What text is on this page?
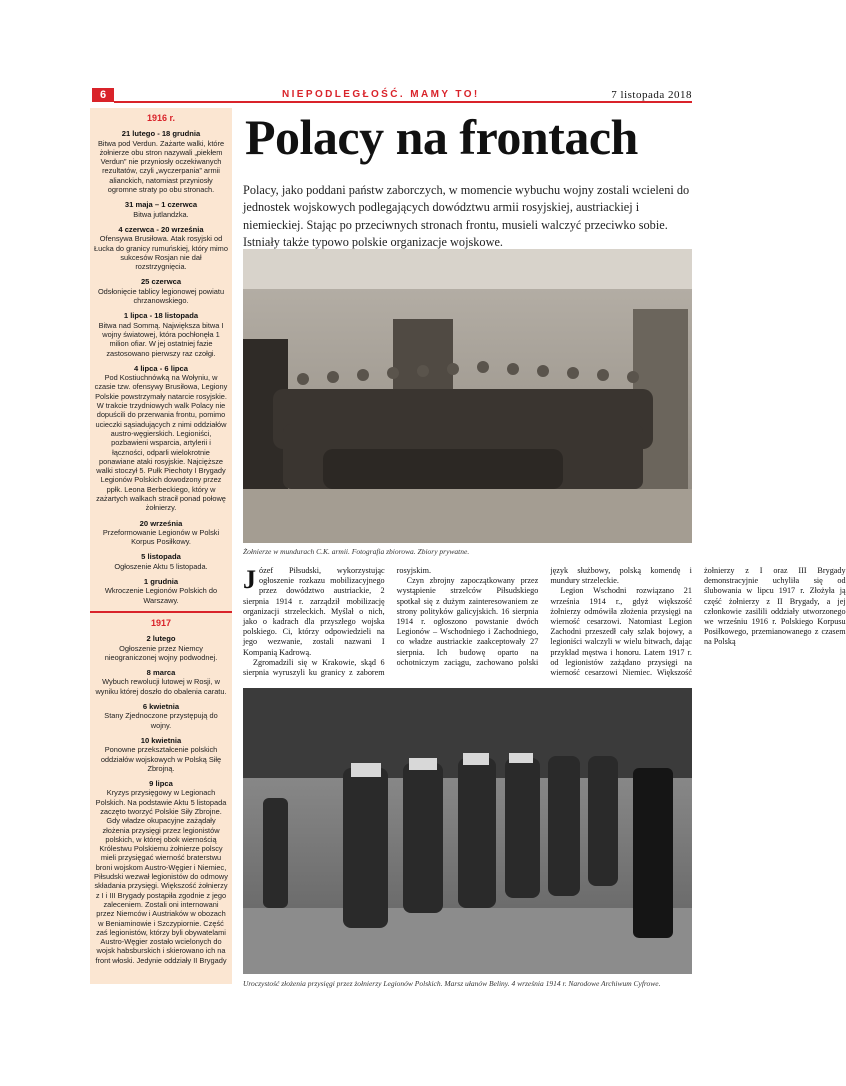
6	NIEPODLEGŁOŚĆ. MAMY TO!	7 listopada 2018
1916 r.
21 lutego - 18 grudnia
Bitwa pod Verdun. Zażarte walki, które żołnierze obu stron nazywali „piekłem Verdun” nie przyniosły oczekiwanych rezultatów, czyli „wyczerpania” armii alianckich, natomiast przyniosły ogromne straty po obu stronach.
31 maja – 1 czerwca
Bitwa jutlandzka.
4 czerwca - 20 września
Ofensywa Brusiłowa. Atak rosyjski od Łucka do granicy rumuńskiej, który mimo sukcesów Rosjan nie dał rozstrzygnięcia.
25 czerwca
Odsłonięcie tablicy legionowej powiatu chrzanowskiego.
1 lipca - 18 listopada
Bitwa nad Sommą. Największa bitwa I wojny światowej, która pochłonęła 1 milion ofiar. W jej ostatniej fazie zastosowano pierwszy raz czołgi.
4 lipca - 6 lipca
Pod Kostiuchnówką na Wołyniu, w czasie tzw. ofensywy Brusiłowa, Legiony Polskie powstrzymały natarcie rosyjskie. W trakcie trzydniowych walk Polacy nie dopuścili do przerwania frontu, pomimo ucieczki sąsiadujących z nimi oddziałów austro-węgierskich. Legioniści, pozbawieni wsparcia, artylerii i łączności, odparli wielokrotnie ponawiane ataki rosyjskie. Najcięższe walki stoczył 5. Pułk Piechoty I Brygady Legionów Polskich dowodzony przez ppłk. Leona Berbeckiego, który w zażartych walkach stracił ponad połowę żołnierzy.
20 września
Przeformowanie Legionów w Polski Korpus Posiłkowy.
5 listopada
Ogłoszenie Aktu 5 listopada.
1 grudnia
Wkroczenie Legionów Polskich do Warszawy.
1917
2 lutego
Ogłoszenie przez Niemcy nieograniczonej wojny podwodnej.
8 marca
Wybuch rewolucji lutowej w Rosji, w wyniku której doszło do obalenia caratu.
6 kwietnia
Stany Zjednoczone przystępują do wojny.
10 kwietnia
Ponowne przekształcenie polskich oddziałów wojskowych w Polską Siłę Zbrojną.
9 lipca
Kryzys przysięgowy w Legionach Polskich. Na podstawie Aktu 5 listopada zaczęto tworzyć Polskie Siły Zbrojne. Gdy władze okupacyjne zażądały złożenia przysięgi przez legionistów polskich, w której obok wiernością Królestwu Polskiemu żołnierze polscy mieli przysięgać wierność braterstwu broni wojskom Austro-Węgier i Niemiec, Piłsudski wezwał legionistów do odmowy składania przysięgi. Większość żołnierzy z I i III Brygady postąpiła zgodnie z jego zaleceniem. Zostali oni internowani przez Niemców i Austriaków w obozach w Beniaminowie i Szczypiornie. Część zaś legionistów, którzy byli obywatelami Austro-Węgier zostało wcielonych do wojsk habsburskich i skierowano ich na front włoski. Jedynie oddziały II Brygady
Polacy na frontach
Polacy, jako poddani państw zaborczych, w momencie wybuchu wojny zostali wcieleni do jednostek wojskowych podlegających dowództwu armii rosyjskiej, austriackiej i niemieckiej. Stając po przeciwnych stronach frontu, musieli walczyć przeciwko sobie. Istniały także typowo polskie organizacje wojskowe.
Żołnierze w mundurach C.K. armii. Fotografia zbiorowa. Zbiory prywatne.

Józef Piłsudski, wykorzystując ogłoszenie rozkazu mobilizacyjnego przez dowództwo austriackie, 2 sierpnia 1914 r. zarządził mobilizację organizacji strzeleckich. Myślał o nich, jako o kadrach dla przyszłego wojska polskiego. Ci, którzy odpowiedzieli na jego wezwanie, zostali nazwani I Kompanią Kadrową.

Zgromadzili się w Krakowie, skąd 6 sierpnia wyruszyli ku granicy z zaborem rosyjskim.

Czyn zbrojny zapoczątkowany przez wystąpienie strzelców Piłsudskiego spotkał się z dużym zainteresowaniem ze strony polityków galicyjskich. 16 sierpnia 1914 r. ogłoszono powstanie dwóch Legionów – Wschodniego i Zachodniego, co władze austriackie zaakceptowały 27 sierpnia. Ich budowę oparto na ochotniczym zaciągu, zachowano polski język służbowy, polską komendę i mundury strzeleckie.

Legion Wschodni rozwiązano 21 września 1914 r., gdyż większość żołnierzy odmówiła złożenia przysięgi na wierność cesarzowi. Natomiast Legion Zachodni przeszedł cały szlak bojowy, a legioniści walczyli w wielu bitwach, dając przykład męstwa i honoru. Latem 1917 r. od legionistów zażądano przysięgi na wierność cesarzowi Niemiec. Większość żołnierzy z I oraz III Brygady demonstracyjnie uchyliła się od ślubowania w lipcu 1917 r. Złożyła ją część żołnierzy z II Brygady, a jej członkowie zasilili oddziały utworzonego we wrześniu 1916 r. Polskiego Korpusu Posiłkowego, przemianowanego z czasem na Polską

Uroczystość złożenia przysięgi przez żołnierzy Legionów Polskich. Marsz ułanów Beliny. 4 września 1914 r. Narodowe Archiwum Cyfrowe.
